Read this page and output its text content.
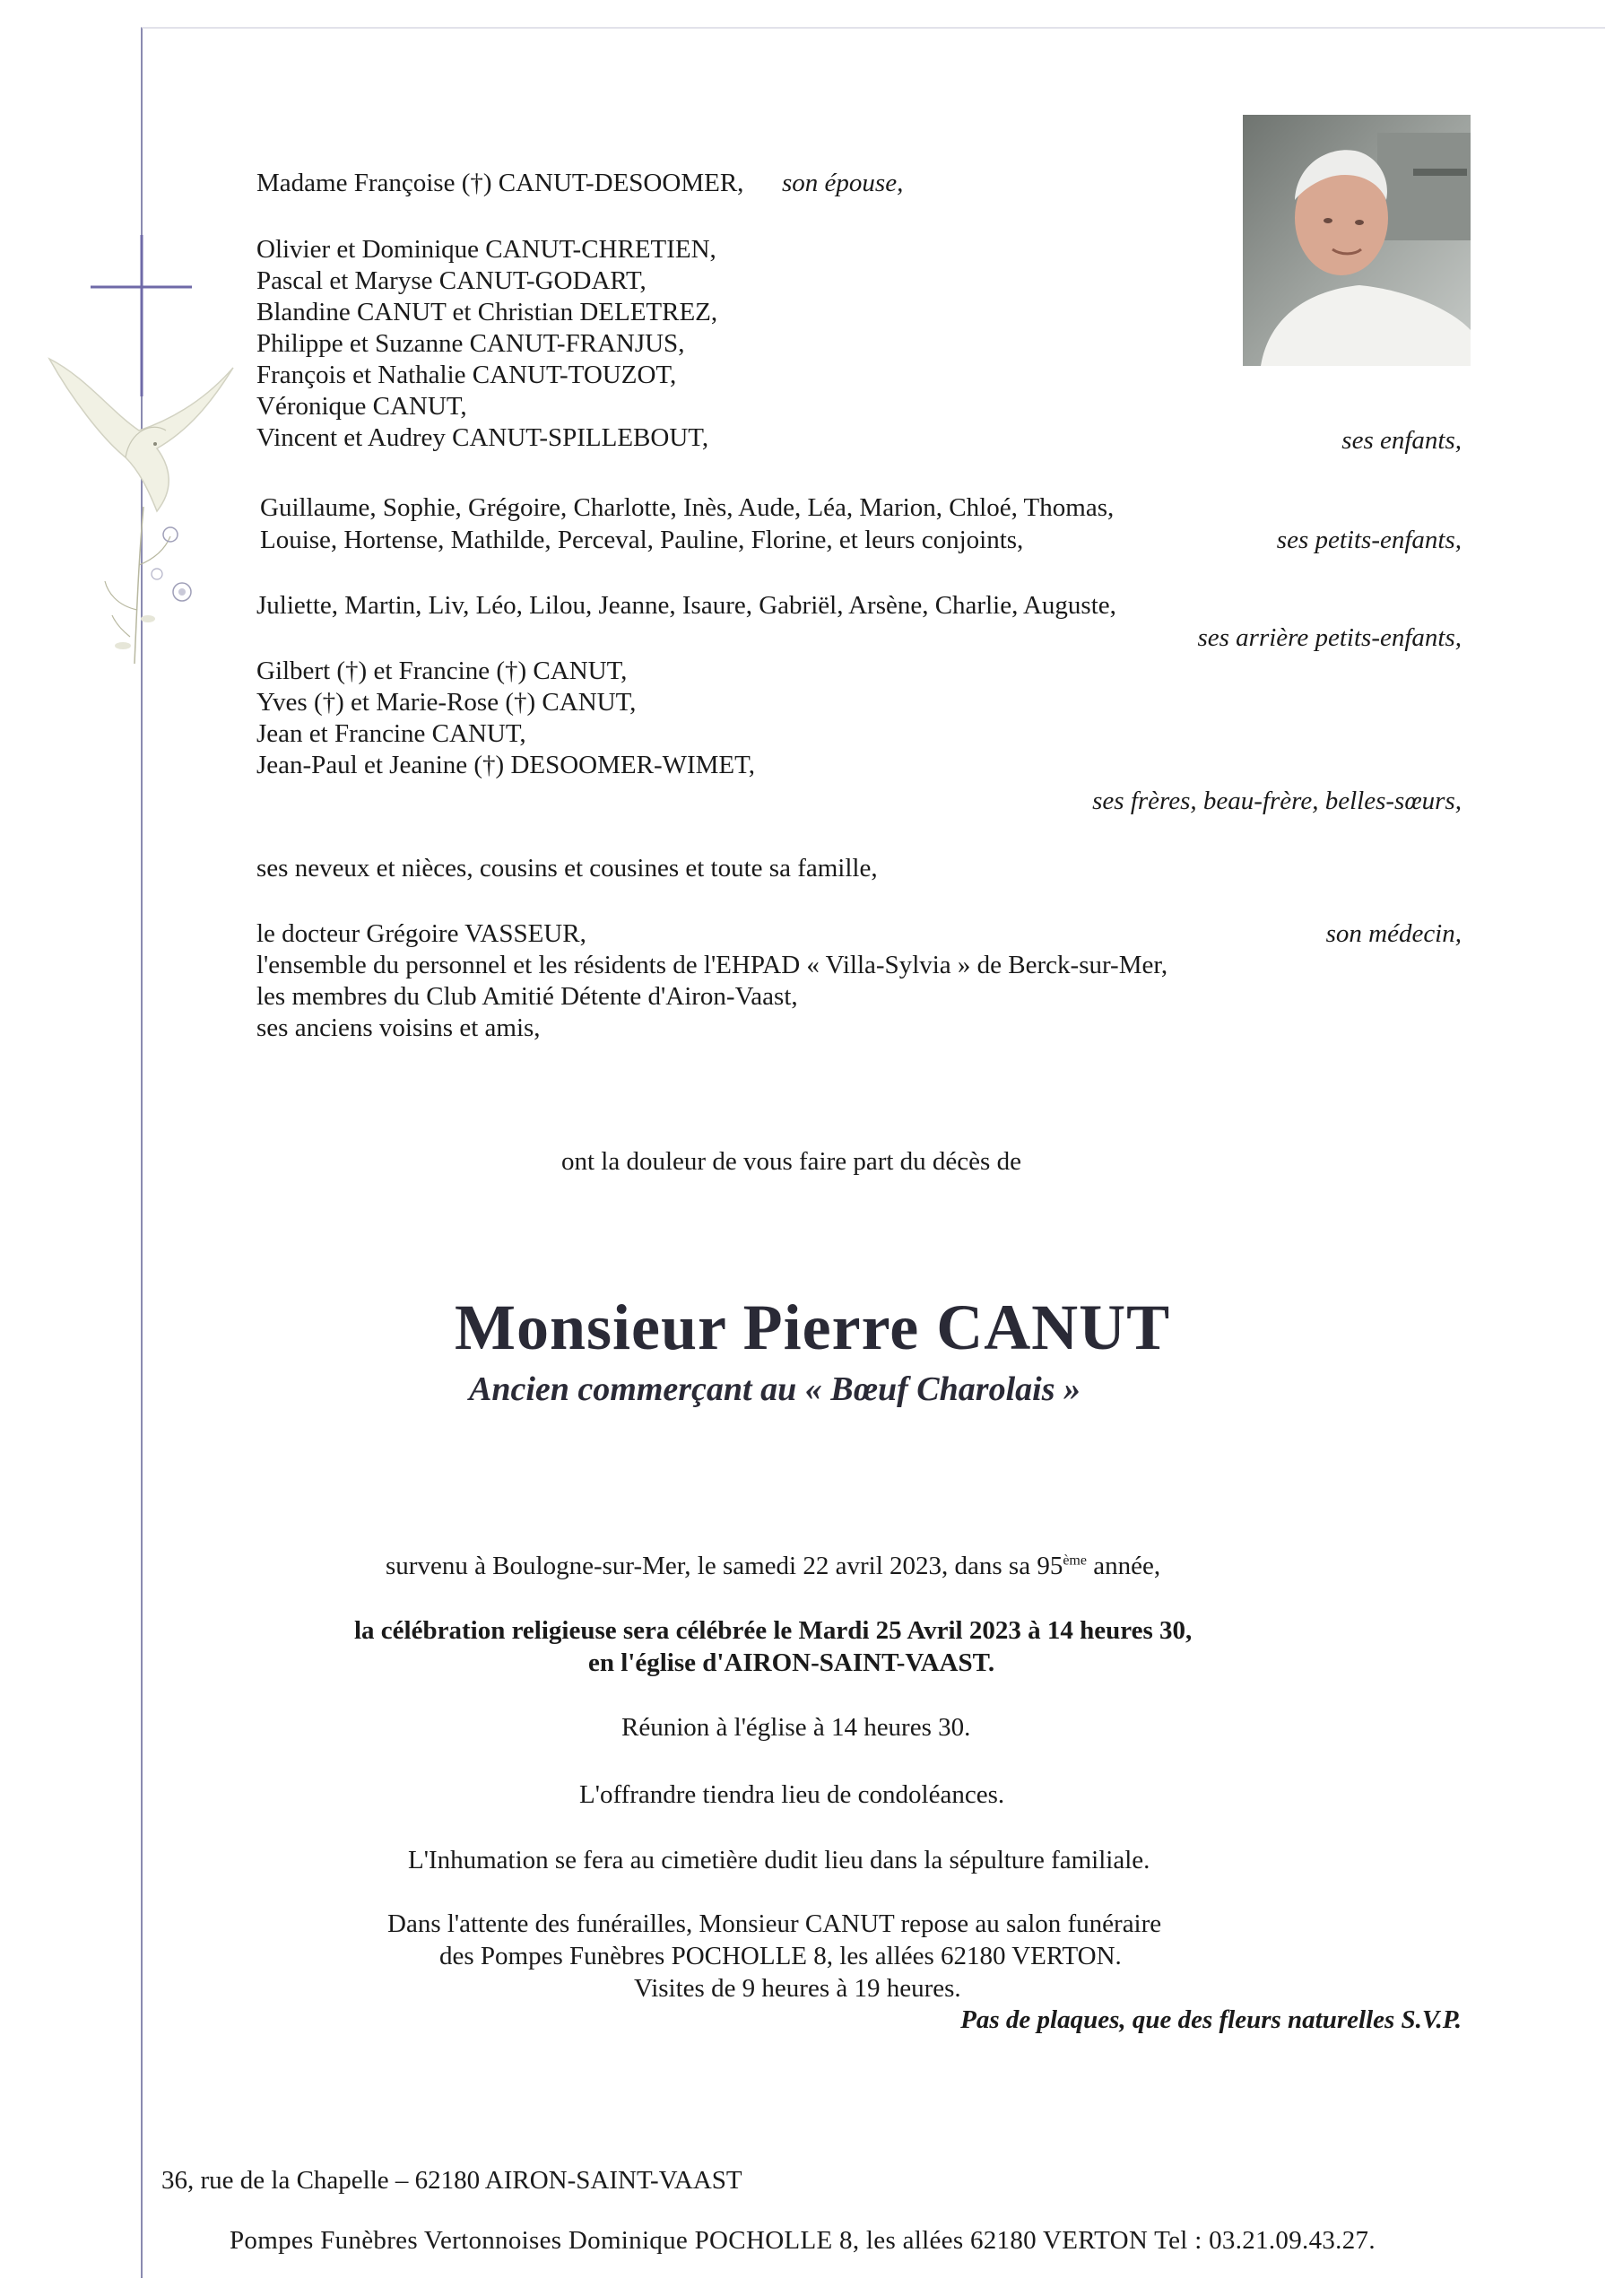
Madame Françoise (†) CANUT-DESOOMER, son épouse,
Olivier et Dominique CANUT-CHRETIEN,
Pascal et Maryse CANUT-GODART,
Blandine CANUT et Christian DELETREZ,
Philippe et Suzanne CANUT-FRANJUS,
François et Nathalie CANUT-TOUZOT,
Véronique CANUT,
Vincent et Audrey CANUT-SPILLEBOUT,	ses enfants,
Guillaume, Sophie, Grégoire, Charlotte, Inès, Aude, Léa, Marion, Chloé, Thomas,
Louise, Hortense, Mathilde, Perceval, Pauline, Florine, et leurs conjoints,	ses petits-enfants,
Juliette, Martin, Liv, Léo, Lilou, Jeanne, Isaure, Gabriël, Arsène, Charlie, Auguste,
ses arrière petits-enfants,
Gilbert (†) et Francine (†) CANUT,
Yves (†) et Marie-Rose (†) CANUT,
Jean et Francine CANUT,
Jean-Paul et Jeanine (†) DESOOMER-WIMET,
ses frères, beau-frère, belles-sœurs,
ses neveux et nièces, cousins et cousines et toute sa famille,
le docteur Grégoire VASSEUR,	son médecin,
l'ensemble du personnel et les résidents de l'EHPAD « Villa-Sylvia » de Berck-sur-Mer,
les membres du Club Amitié Détente d'Airon-Vaast,
ses anciens voisins et amis,
ont la douleur de vous faire part du décès de
Monsieur Pierre CANUT
Ancien commerçant au « Bœuf Charolais »
survenu à Boulogne-sur-Mer, le samedi 22 avril 2023, dans sa 95ème année,
la célébration religieuse sera célébrée le Mardi 25 Avril 2023 à 14 heures 30,
en l'église d'AIRON-SAINT-VAAST.
Réunion à l'église à 14 heures 30.
L'offrandre tiendra lieu de condoléances.
L'Inhumation se fera au cimetière dudit lieu dans la sépulture familiale.
Dans l'attente des funérailles, Monsieur CANUT repose au salon funéraire
des Pompes Funèbres POCHOLLE 8, les allées 62180 VERTON.
Visites de 9 heures à 19 heures.
Pas de plaques, que des fleurs naturelles S.V.P.
36, rue de la Chapelle – 62180 AIRON-SAINT-VAAST
Pompes Funèbres Vertonnoises Dominique POCHOLLE 8, les allées 62180 VERTON Tel : 03.21.09.43.27.
